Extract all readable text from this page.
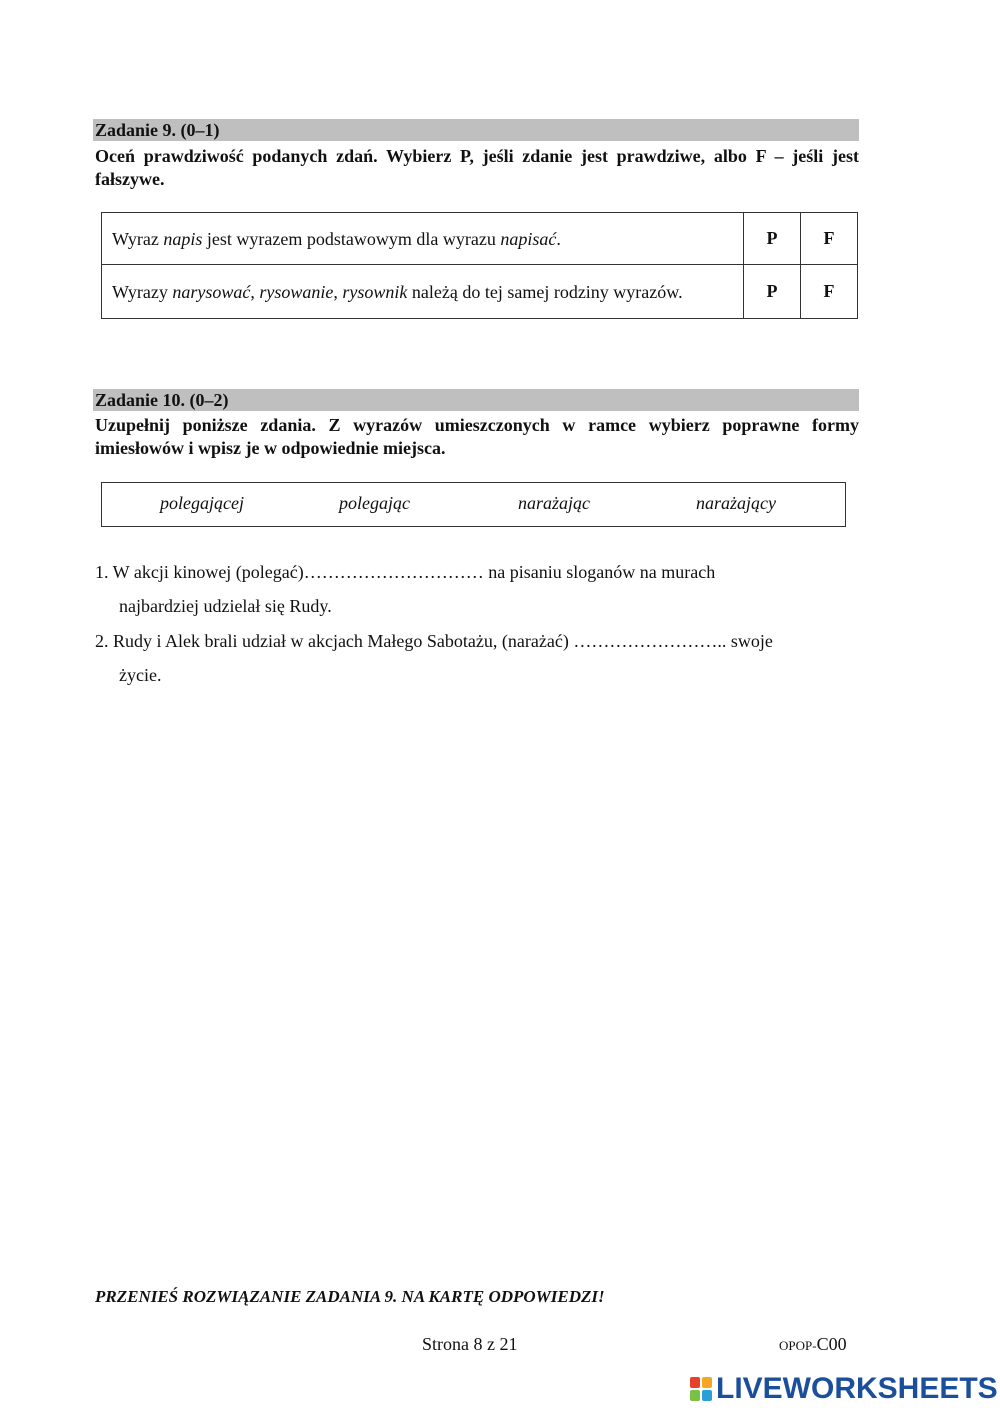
Zadanie 9. (0–1)
Oceń prawdziwość podanych zdań. Wybierz P, jeśli zdanie jest prawdziwe, albo F – jeśli jest fałszywe.
Wyraz napis jest wyrazem podstawowym dla wyrazu napisać.	P	F
Wyrazy narysować, rysowanie, rysownik należą do tej samej rodziny wyrazów.	P	F
Zadanie 10. (0–2)
Uzupełnij poniższe zdania. Z wyrazów umieszczonych w ramce wybierz poprawne formy imiesłowów i wpisz je w odpowiednie miejsca.
polegającej	polegając	narażając	narażający
1. W akcji kinowej (polegać)………………………… na pisaniu sloganów na murach
najbardziej udzielał się Rudy.
2. Rudy i Alek brali udział w akcjach Małego Sabotażu, (narażać) …………………….. swoje
życie.
PRZENIEŚ ROZWIĄZANIE ZADANIA 9. NA KARTĘ ODPOWIEDZI!
Strona 8 z 21	OPOP-C00
LIVEWORKSHEETS
